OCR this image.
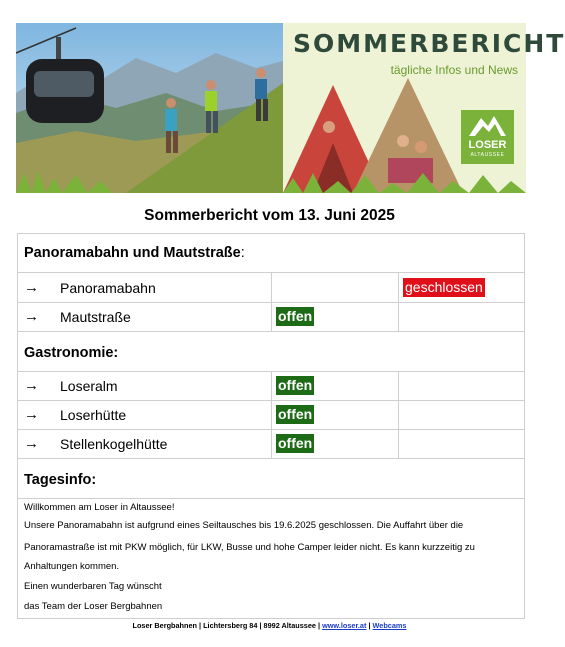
SOMMERBERICHT
tägliche Infos und News
LOSER
ALTAUSSEE
Sommerbericht vom 13. Juni 2025
Panoramabahn und Mautstraße:
→ Panoramabahn	geschlossen
→ Mautstraße	offen
Gastronomie:
→ Loseralm	offen
→ Loserhütte	offen
→ Stellenkogelhütte	offen
Tagesinfo:
Willkommen am Loser in Altaussee!
Unsere Panoramabahn ist aufgrund eines Seiltausches bis 19.6.2025 geschlossen. Die Auffahrt über die
Panoramastraße ist mit PKW möglich, für LKW, Busse und hohe Camper leider nicht. Es kann kurzzeitig zu
Anhaltungen kommen.
Einen wunderbaren Tag wünscht
das Team der Loser Bergbahnen
Loser Bergbahnen | Lichtersberg 84 | 8992 Altaussee | www.loser.at | Webcams
